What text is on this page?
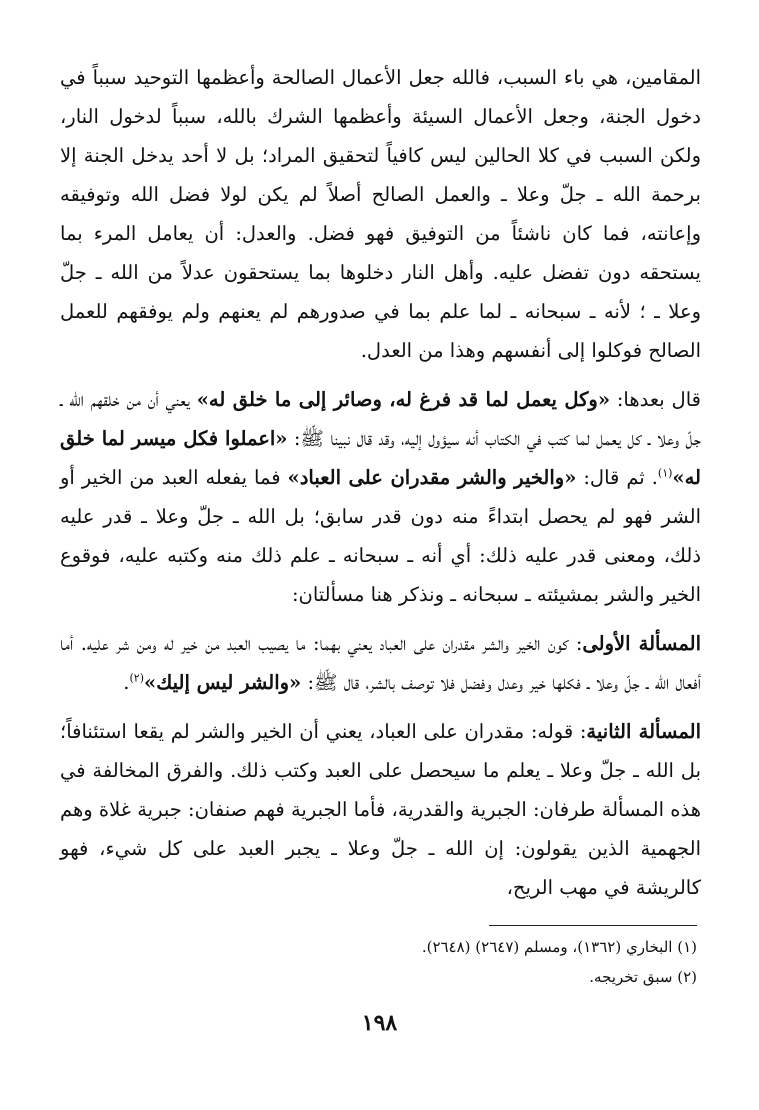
المقامين، هي باء السبب، فالله جعل الأعمال الصالحة وأعظمها التوحيد سبباً في دخول الجنة، وجعل الأعمال السيئة وأعظمها الشرك بالله، سبباً لدخول النار، ولكن السبب في كلا الحالين ليس كافياً لتحقيق المراد؛ بل لا أحد يدخل الجنة إلا برحمة الله ـ جلّ وعلا ـ والعمل الصالح أصلاً لم يكن لولا فضل الله وتوفيقه وإعانته، فما كان ناشئاً من التوفيق فهو فضل. والعدل: أن يعامل المرء بما يستحقه دون تفضل عليه. وأهل النار دخلوها بما يستحقون عدلاً من الله ـ جلّ وعلا ـ ؛ لأنه ـ سبحانه ـ لما علم بما في صدورهم لم يعنهم ولم يوفقهم للعمل الصالح فوكلوا إلى أنفسهم وهذا من العدل.

قال بعدها: «وكل يعمل لما قد فرغ له، وصائر إلى ما خلق له» يعني أن من خلقهم الله ـ جلّ وعلا ـ كل يعمل لما كتب في الكتاب أنه سيؤول إليه، وقد قال نبينا ﷺ: «اعملوا فكل ميسر لما خلق له»$^{(١)}$. ثم قال: «والخير والشر مقدران على العباد» فما يفعله العبد من الخير أو الشر فهو لم يحصل ابتداءً منه دون قدر سابق؛ بل الله ـ جلّ وعلا ـ قدر عليه ذلك، ومعنى قدر عليه ذلك: أي أنه ـ سبحانه ـ علم ذلك منه وكتبه عليه، فوقوع الخير والشر بمشيئته ـ سبحانه ـ ونذكر هنا مسألتان:

المسألة الأولى: كون الخير والشر مقدران على العباد يعني بهما: ما يصيب العبد من خير له ومن شر عليه. أما أفعال الله ـ جلّ وعلا ـ فكلها خير وعدل وفضل فلا توصف بالشر، قال ﷺ: «والشر ليس إليك»$^{(٢)}$.

المسألة الثانية: قوله: مقدران على العباد، يعني أن الخير والشر لم يقعا استئنافاً؛ بل الله ـ جلّ وعلا ـ يعلم ما سيحصل على العبد وكتب ذلك. والفرق المخالفة في هذه المسألة طرفان: الجبرية والقدرية، فأما الجبرية فهم صنفان: جبرية غلاة وهم الجهمية الذين يقولون: إن الله ـ جلّ وعلا ـ يجبر العبد على كل شيء، فهو كالريشة في مهب الريح،

(١) البخاري (١٣٦٢)، ومسلم (٢٦٤٧) (٢٦٤٨).

(٢) سبق تخريجه.

١٩٨
